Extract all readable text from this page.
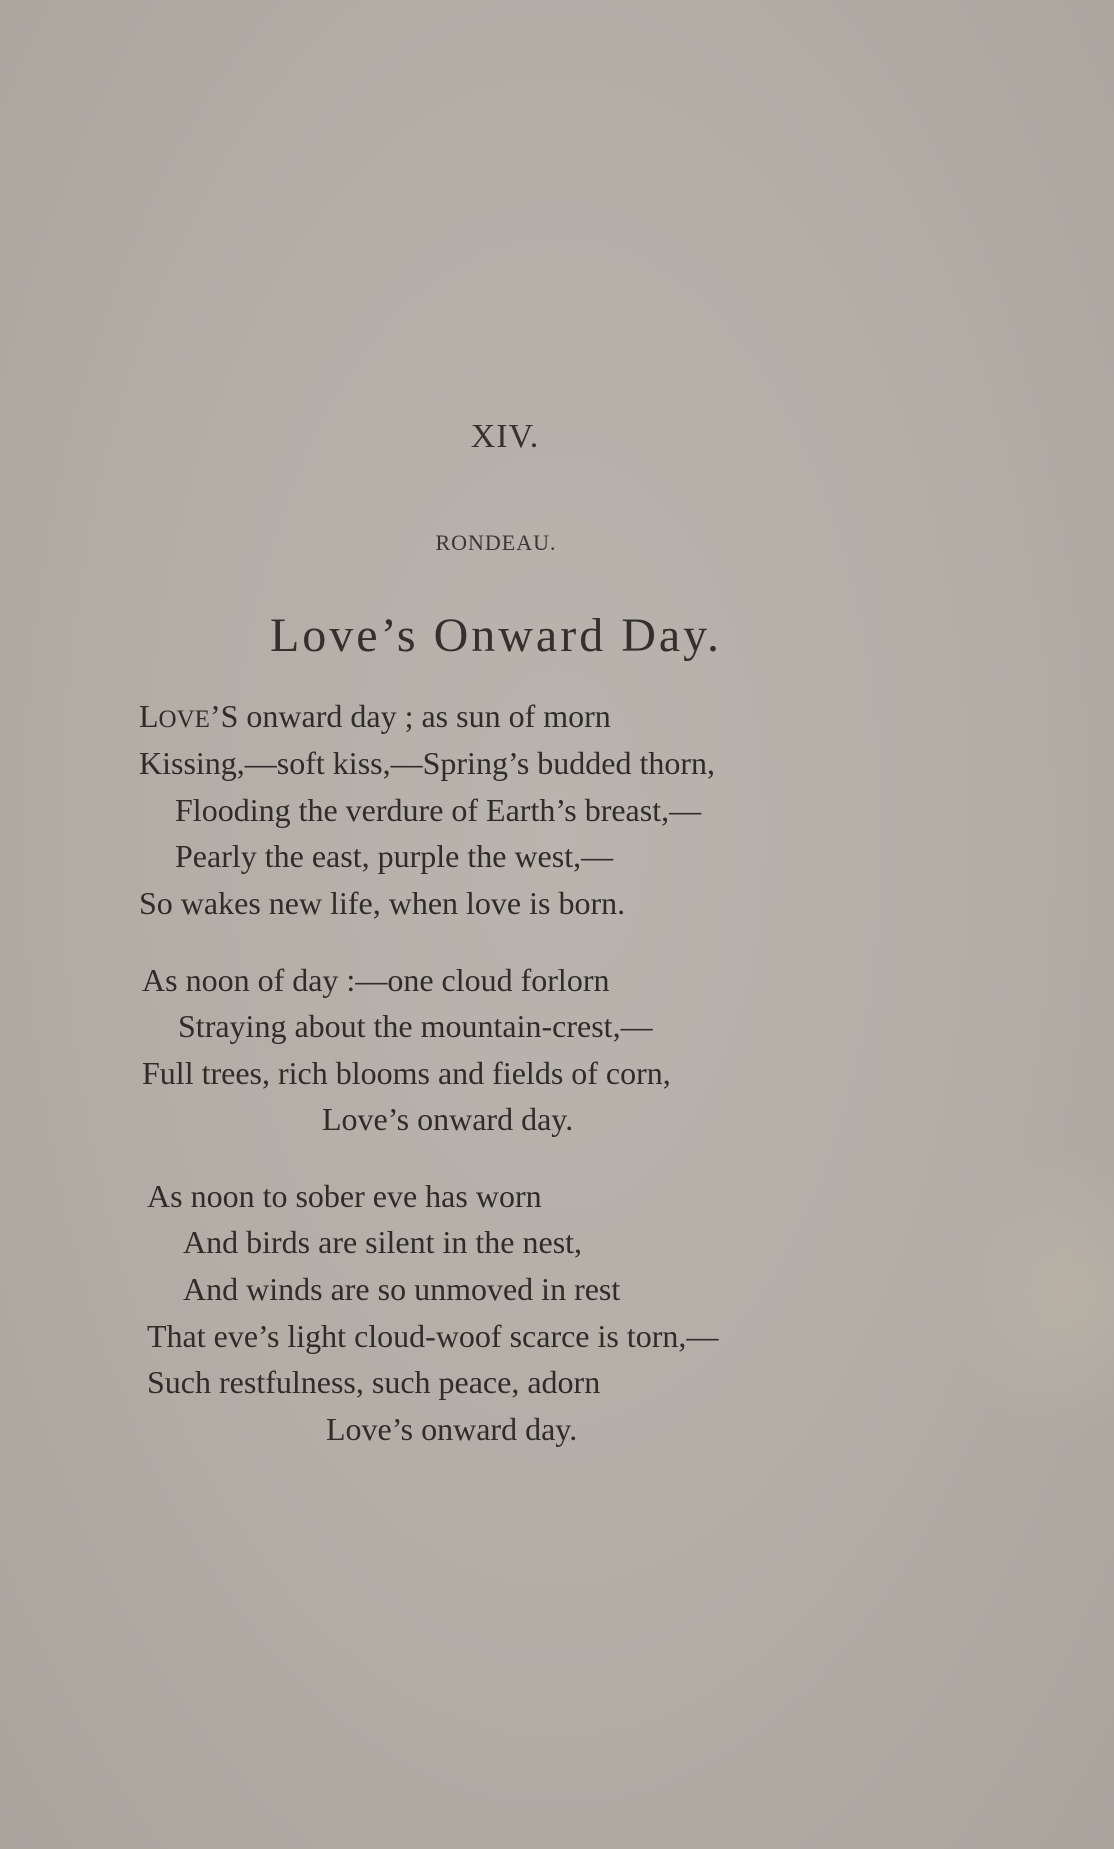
XIV.
RONDEAU.
Love’s Onward Day.
LOVE’S onward day ; as sun of morn
Kissing,—soft kiss,—Spring’s budded thorn,
Flooding the verdure of Earth’s breast,—
Pearly the east, purple the west,—
So wakes new life, when love is born.
As noon of day :—one cloud forlorn
Straying about the mountain-crest,—
Full trees, rich blooms and fields of corn,
Love’s onward day.
As noon to sober eve has worn
And birds are silent in the nest,
And winds are so unmoved in rest
That eve’s light cloud-woof scarce is torn,—
Such restfulness, such peace, adorn
Love’s onward day.
